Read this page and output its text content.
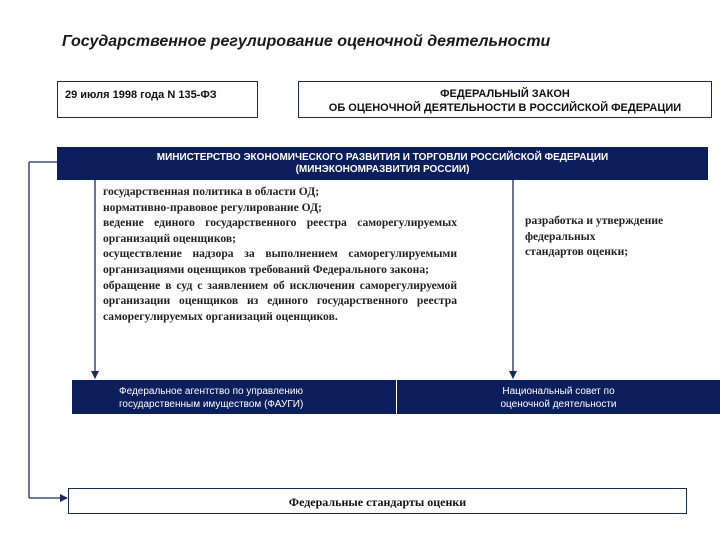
Государственное регулирование оценочной деятельности
29 июля 1998 года N 135-ФЗ	ФЕДЕРАЛЬНЫЙ ЗАКОН
ОБ ОЦЕНОЧНОЙ ДЕЯТЕЛЬНОСТИ В РОССИЙСКОЙ ФЕДЕРАЦИИ
МИНИСТЕРСТВО ЭКОНОМИЧЕСКОГО РАЗВИТИЯ И ТОРГОВЛИ РОССИЙСКОЙ ФЕДЕРАЦИИ
(МИНЭКОНОМРАЗВИТИЯ РОССИИ)
государственная политика в области ОД;
нормативно-правовое регулирование ОД;
ведение единого государственного реестра саморегулируемых организаций оценщиков;
осуществление надзора за выполнением саморегулируемыми организациями оценщиков требований Федерального закона;
обращение в суд с заявлением об исключении саморегулируемой организации оценщиков из единого государственного реестра саморегулируемых организаций оценщиков.
разработка и утверждение
федеральных
стандартов оценки;
Федеральное агентство по управлению
государственным имуществом (ФАУГИ)
Национальный совет по
оценочной деятельности
Федеральные стандарты оценки
